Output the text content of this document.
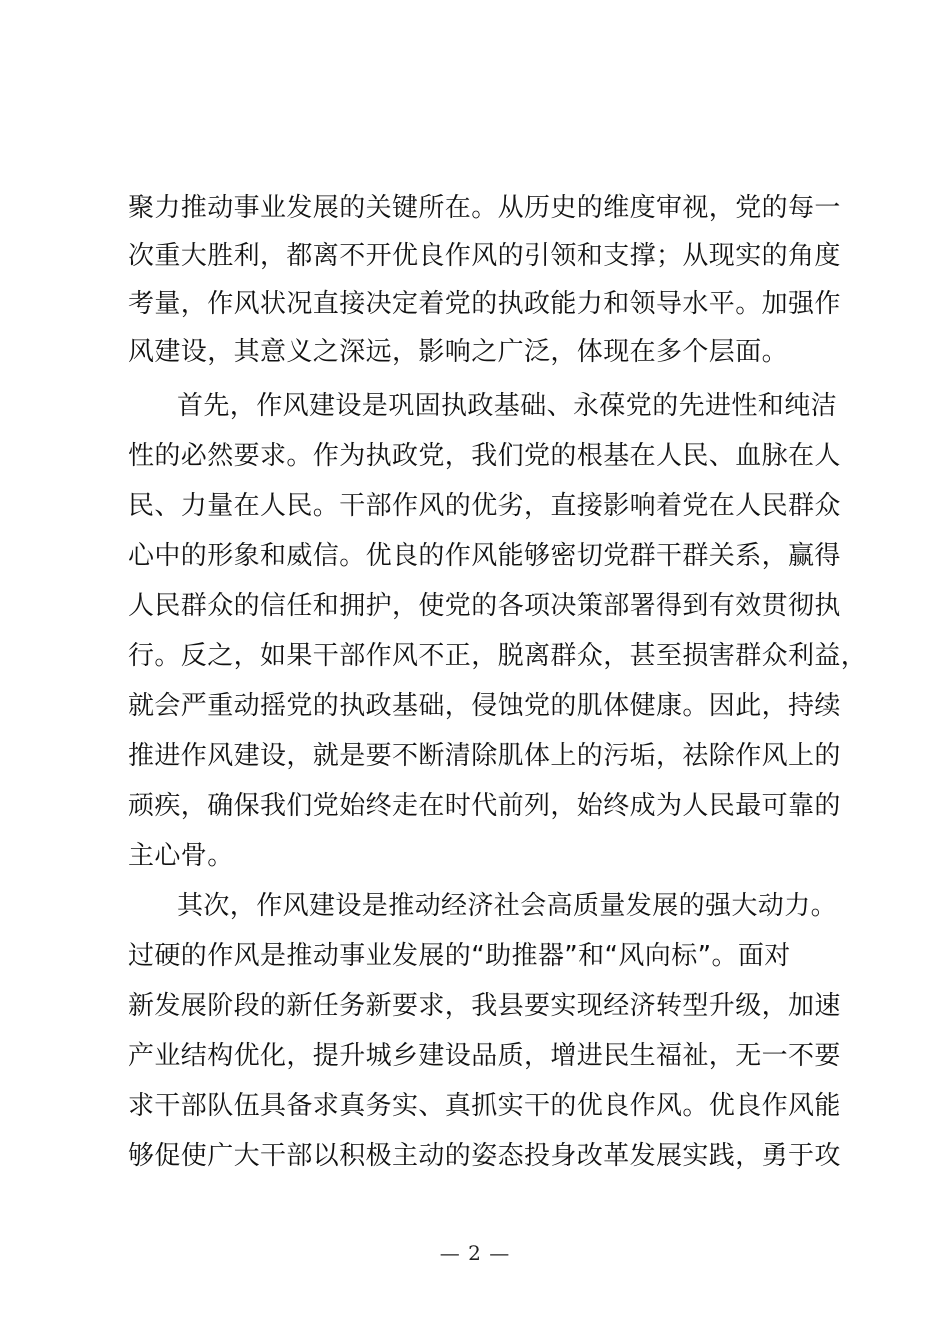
聚力推动事业发展的关键所在。从历史的维度审视，党的每一
次重大胜利，都离不开优良作风的引领和支撑；从现实的角度
考量，作风状况直接决定着党的执政能力和领导水平。加强作
风建设，其意义之深远，影响之广泛，体现在多个层面。
首先，作风建设是巩固执政基础、永葆党的先进性和纯洁
性的必然要求。作为执政党，我们党的根基在人民、血脉在人
民、力量在人民。干部作风的优劣，直接影响着党在人民群众
心中的形象和威信。优良的作风能够密切党群干群关系，赢得
人民群众的信任和拥护，使党的各项决策部署得到有效贯彻执
行。反之，如果干部作风不正，脱离群众，甚至损害群众利益，
就会严重动摇党的执政基础，侵蚀党的肌体健康。因此，持续
推进作风建设，就是要不断清除肌体上的污垢，祛除作风上的
顽疾，确保我们党始终走在时代前列，始终成为人民最可靠的
主心骨。
其次，作风建设是推动经济社会高质量发展的强大动力。
过硬的作风是推动事业发展的“助推器”和“风向标”。面对
新发展阶段的新任务新要求，我县要实现经济转型升级，加速
产业结构优化，提升城乡建设品质，增进民生福祉，无一不要
求干部队伍具备求真务实、真抓实干的优良作风。优良作风能
够促使广大干部以积极主动的姿态投身改革发展实践，勇于攻
— 2 —
